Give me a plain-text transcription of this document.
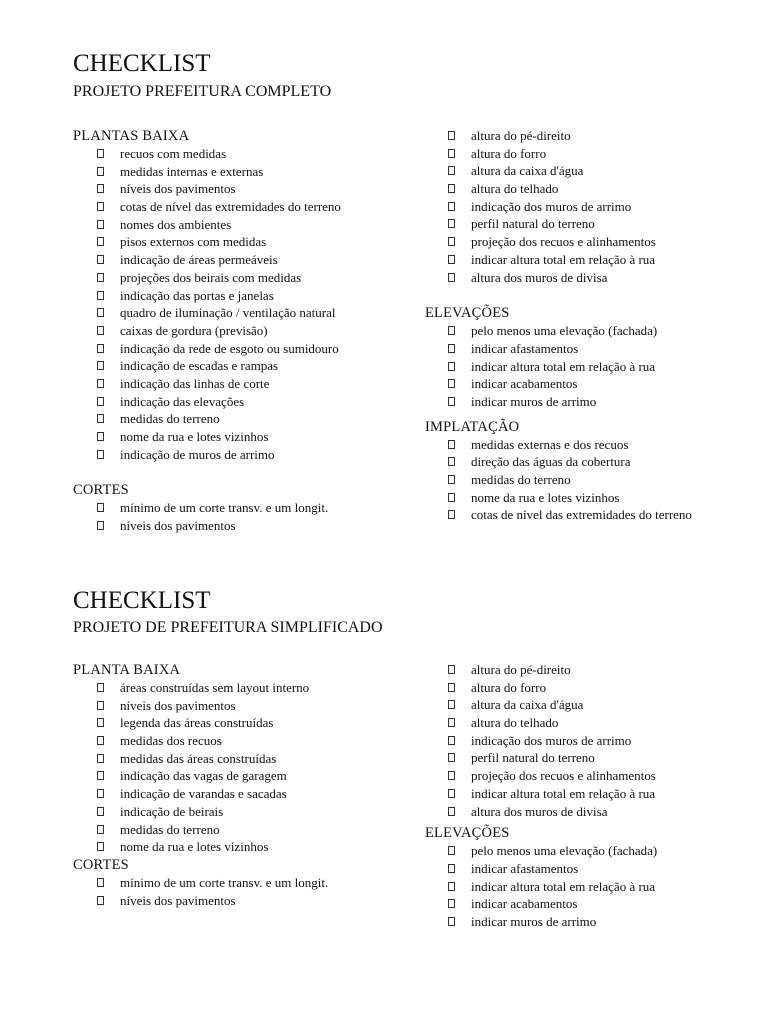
CHECKLIST
PROJETO PREFEITURA COMPLETO
PLANTAS BAIXA
recuos com medidas
medidas internas e externas
níveis dos pavimentos
cotas de nível das extremidades do terreno
nomes dos ambientes
pisos externos com medidas
indicação de áreas permeáveis
projeções dos beirais com medidas
indicação das portas e janelas
quadro de iluminação / ventilação natural
caixas de gordura (previsão)
indicação da rede de esgoto ou sumidouro
indicação de escadas e rampas
indicação das linhas de corte
indicação das elevações
medidas do terreno
nome da rua e lotes vizinhos
indicação de muros de arrimo
CORTES
mínimo de um corte transv. e um longit.
níveis dos pavimentos
altura do pé-direito
altura do forro
altura da caixa d'água
altura do telhado
indicação dos muros de arrimo
perfil natural do terreno
projeção dos recuos e alinhamentos
indicar altura total em relação à rua
altura dos muros de divisa
ELEVAÇÕES
pelo menos uma elevação (fachada)
indicar afastamentos
indicar altura total em relação à rua
indicar acabamentos
indicar muros de arrimo
IMPLATAÇÃO
medidas externas e dos recuos
direção das águas da cobertura
medidas do terreno
nome da rua e lotes vizinhos
cotas de nível das extremidades do terreno
CHECKLIST
PROJETO DE PREFEITURA SIMPLIFICADO
PLANTA BAIXA
áreas construídas sem layout interno
níveis dos pavimentos
legenda das áreas construídas
medidas dos recuos
medidas das áreas construídas
indicação das vagas de garagem
indicação de varandas e sacadas
indicação de beirais
medidas do terreno
nome da rua e lotes vizinhos
CORTES
mínimo de um corte transv. e um longit.
níveis dos pavimentos
altura do pé-direito
altura do forro
altura da caixa d'água
altura do telhado
indicação dos muros de arrimo
perfil natural do terreno
projeção dos recuos e alinhamentos
indicar altura total em relação à rua
altura dos muros de divisa
ELEVAÇÕES
pelo menos uma elevação (fachada)
indicar afastamentos
indicar altura total em relação à rua
indicar acabamentos
indicar muros de arrimo
